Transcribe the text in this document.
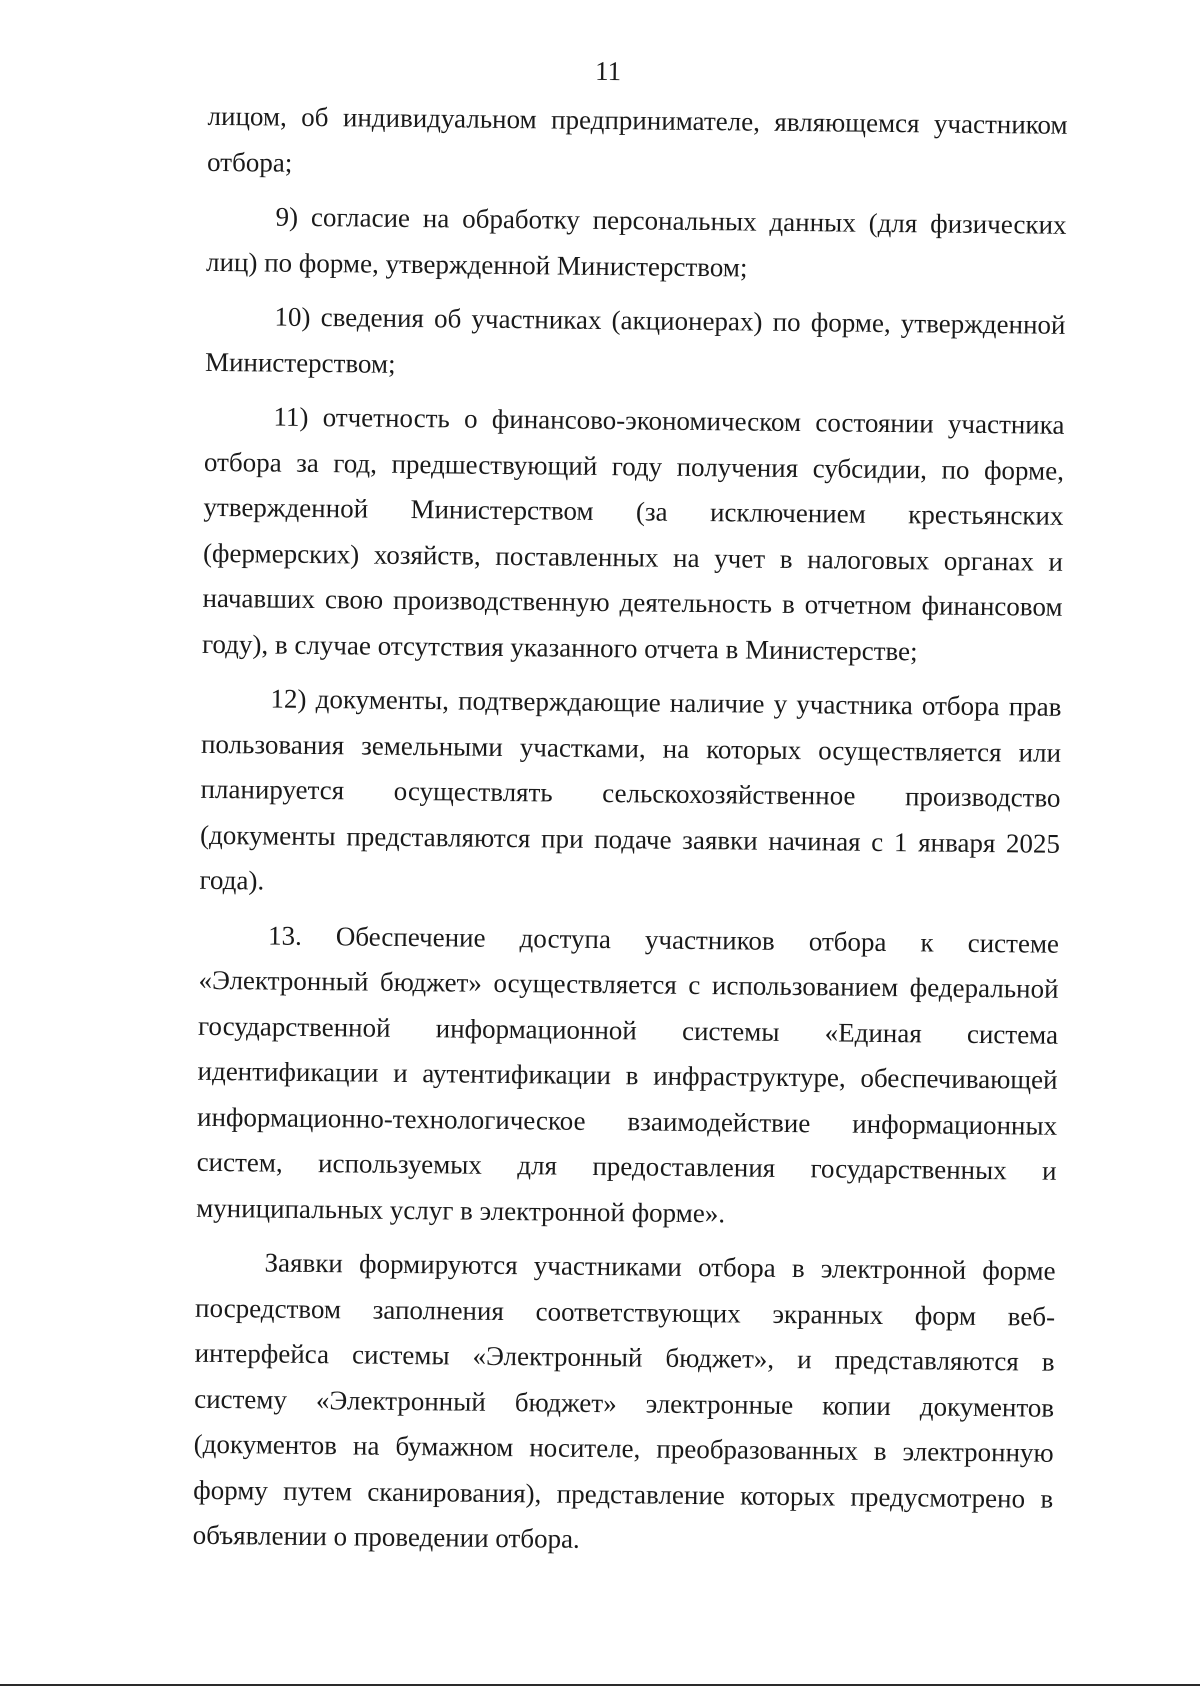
11

лицом, об индивидуальном предпринимателе, являющемся участником отбора;

9) согласие на обработку персональных данных (для физических лиц) по форме, утвержденной Министерством;

10) сведения об участниках (акционерах) по форме, утвержденной Министерством;

11) отчетность о финансово-экономическом состоянии участника отбора за год, предшествующий году получения субсидии, по форме, утвержденной Министерством (за исключением крестьянских (фермерских) хозяйств, поставленных на учет в налоговых органах и начавших свою производственную деятельность в отчетном финансовом году), в случае отсутствия указанного отчета в Министерстве;

12) документы, подтверждающие наличие у участника отбора прав пользования земельными участками, на которых осуществляется или планируется осуществлять сельскохозяйственное производство (документы представляются при подаче заявки начиная с 1 января 2025 года).

13. Обеспечение доступа участников отбора к системе «Электронный бюджет» осуществляется с использованием федеральной государственной информационной системы «Единая система идентификации и аутентификации в инфраструктуре, обеспечивающей информационно-технологическое взаимодействие информационных систем, используемых для предоставления государственных и муниципальных услуг в электронной форме».

Заявки формируются участниками отбора в электронной форме посредством заполнения соответствующих экранных форм веб-интерфейса системы «Электронный бюджет», и представляются в систему «Электронный бюджет» электронные копии документов (документов на бумажном носителе, преобразованных в электронную форму путем сканирования), представление которых предусмотрено в объявлении о проведении отбора.
